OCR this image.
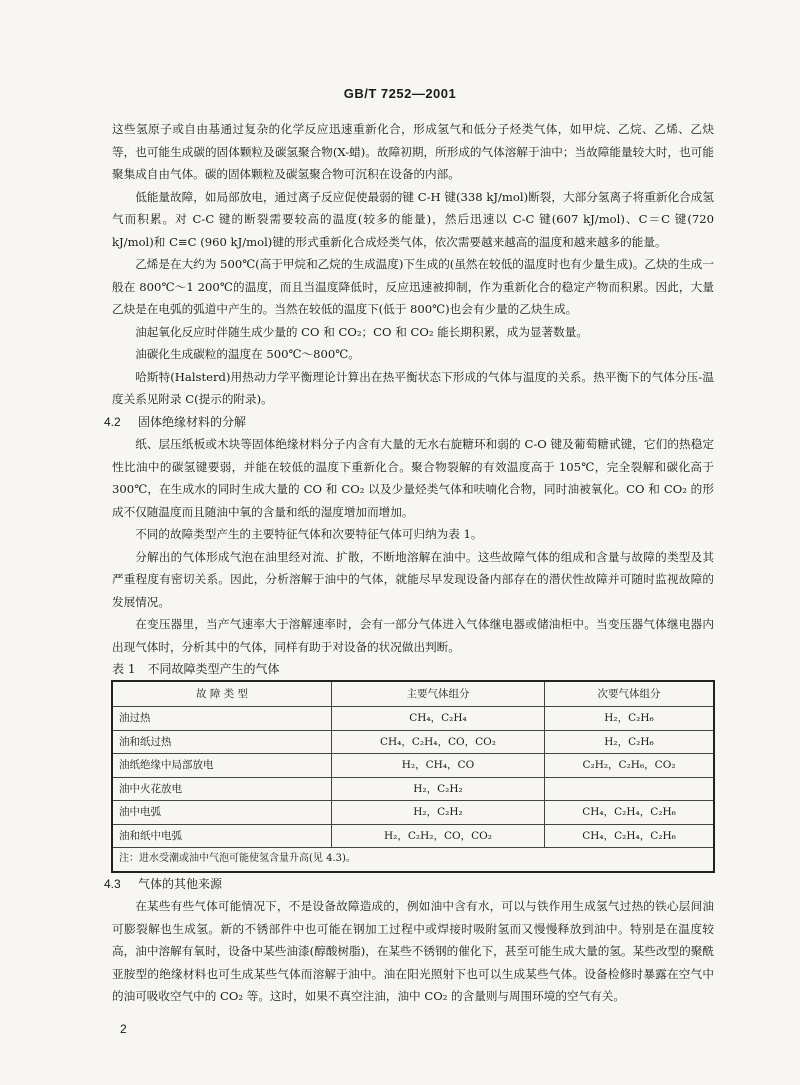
GB/T 7252—2001

这些氢原子或自由基通过复杂的化学反应迅速重新化合，形成氢气和低分子烃类气体，如甲烷、乙烷、乙烯、乙炔等，也可能生成碳的固体颗粒及碳氢聚合物(X-蜡)。故障初期，所形成的气体溶解于油中；当故障能量较大时，也可能聚集成自由气体。碳的固体颗粒及碳氢聚合物可沉积在设备的内部。

低能量故障，如局部放电，通过离子反应促使最弱的键 C-H 键(338 kJ/mol)断裂，大部分氢离子将重新化合成氢气而积累。对 C-C 键的断裂需要较高的温度(较多的能量)，然后迅速以 C-C 键(607 kJ/mol)、C＝C 键(720 kJ/mol)和 C≡C (960 kJ/mol)键的形式重新化合成烃类气体，依次需要越来越高的温度和越来越多的能量。

乙烯是在大约为 500℃(高于甲烷和乙烷的生成温度)下生成的(虽然在较低的温度时也有少量生成)。乙炔的生成一般在 800℃～1 200℃的温度，而且当温度降低时，反应迅速被抑制，作为重新化合的稳定产物而积累。因此，大量乙炔是在电弧的弧道中产生的。当然在较低的温度下(低于 800℃)也会有少量的乙炔生成。

油起氧化反应时伴随生成少量的 CO 和 CO₂；CO 和 CO₂ 能长期积累，成为显著数量。

油碳化生成碳粒的温度在 500℃～800℃。

哈斯特(Halsterd)用热动力学平衡理论计算出在热平衡状态下形成的气体与温度的关系。热平衡下的气体分压-温度关系见附录 C(提示的附录)。

4.2 固体绝缘材料的分解

纸、层压纸板或木块等固体绝缘材料分子内含有大量的无水右旋糖环和弱的 C-O 键及葡萄糖甙键，它们的热稳定性比油中的碳氢键要弱，并能在较低的温度下重新化合。聚合物裂解的有效温度高于 105℃，完全裂解和碳化高于 300℃，在生成水的同时生成大量的 CO 和 CO₂ 以及少量烃类气体和呋喃化合物，同时油被氧化。CO 和 CO₂ 的形成不仅随温度而且随油中氧的含量和纸的湿度增加而增加。

不同的故障类型产生的主要特征气体和次要特征气体可归纳为表 1。

分解出的气体形成气泡在油里经对流、扩散，不断地溶解在油中。这些故障气体的组成和含量与故障的类型及其严重程度有密切关系。因此，分析溶解于油中的气体，就能尽早发现设备内部存在的潜伏性故障并可随时监视故障的发展情况。

在变压器里，当产气速率大于溶解速率时，会有一部分气体进入气体继电器或储油柜中。当变压器气体继电器内出现气体时，分析其中的气体，同样有助于对设备的状况做出判断。

表 1　不同故障类型产生的气体

故 障 类 型	主要气体组分	次要气体组分
油过热	CH₄，C₂H₄	H₂，C₂H₆
油和纸过热	CH₄，C₂H₄，CO，CO₂	H₂，C₂H₆
油纸绝缘中局部放电	H₂，CH₄，CO	C₂H₂，C₂H₆，CO₂
油中火花放电	H₂，C₂H₂	
油中电弧	H₂，C₂H₂	CH₄，C₂H₄，C₂H₆
油和纸中电弧	H₂，C₂H₂，CO，CO₂	CH₄，C₂H₄，C₂H₆
注：进水受潮或油中气泡可能使氢含量升高(见 4.3)。		
4.3 气体的其他来源

在某些有些气体可能情况下，不是设备故障造成的，例如油中含有水，可以与铁作用生成氢气过热的铁心层间油可膨裂解也生成氢。新的不锈部件中也可能在钢加工过程中或焊接时吸附氢而又慢慢释放到油中。特别是在温度较高，油中溶解有氧时，设备中某些油漆(醇酸树脂)，在某些不锈钢的催化下，甚至可能生成大量的氢。某些改型的聚酰亚胺型的绝缘材料也可生成某些气体而溶解于油中。油在阳光照射下也可以生成某些气体。设备检修时暴露在空气中的油可吸收空气中的 CO₂ 等。这时，如果不真空注油，油中 CO₂ 的含量则与周围环境的空气有关。

2
